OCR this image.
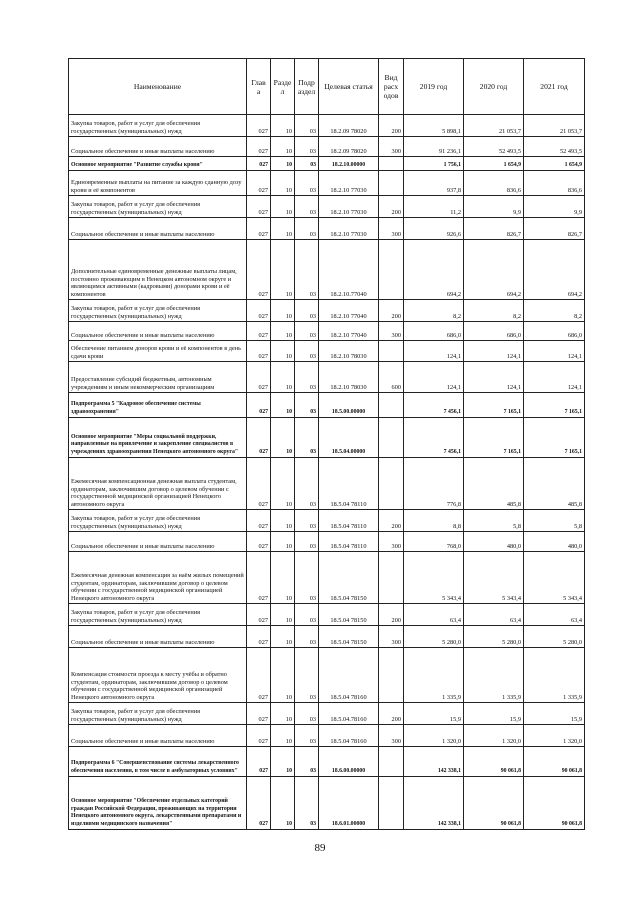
Наименование	Глав а	Разде л	Подр аздел	Целевая статья	Вид расх одов	2019 год	2020 год	2021 год
Закупка товаров, работ и услуг для обеспечения государственных (муниципальных) нужд	027	10	03	18.2.09 78020	200	5 898,1	21 053,7	21 053,7
Социальное обеспечение и иные выплаты населению	027	10	03	18.2.09 78020	300	91 236,1	52 493,5	52 493,5
Основное мероприятие "Развитие службы крови"	027	10	03	18.2.10.00000		1 756,1	1 654,9	1 654,9
Единовременные выплаты на питание за каждую сданную дозу крови и её компонентов	027	10	03	18.2.10 77030		937,8	836,6	836,6
Закупка товаров, работ и услуг для обеспечения государственных (муниципальных) нужд	027	10	03	18.2.10 77030	200	11,2	9,9	9,9
Социальное обеспечение и иные выплаты населению	027	10	03	18.2.10 77030	300	926,6	826,7	826,7
Дополнительные единовременные денежные выплаты лицам, постоянно проживающим в Ненецком автономном округе и являющимся активными (кадровыми) донорами крови и её компонентов	027	10	03	18.2.10.77040		694,2	694,2	694,2
Закупка товаров, работ и услуг для обеспечения государственных (муниципальных) нужд	027	10	03	18.2.10 77040	200	8,2	8,2	8,2
Социальное обеспечение и иные выплаты населению	027	10	03	18.2.10 77040	300	686,0	686,0	686,0
Обеспечение питанием доноров крови и её компонентов в день сдачи крови	027	10	03	18.2.10 78030		124,1	124,1	124,1
Предоставление субсидий бюджетным, автономным учреждениям и иным некоммерческим организациям	027	10	03	18.2.10 78030	600	124,1	124,1	124,1
Подпрограмма 5 "Кадровое обеспечение системы здравоохранения"	027	10	03	18.5.00.00000		7 456,1	7 165,1	7 165,1
Основное мероприятие "Меры социальной поддержки, направленные на привлечение и закрепление специалистов в учреждениях здравоохранения Ненецкого автономного округа"	027	10	03	18.5.04.00000		7 456,1	7 165,1	7 165,1
Ежемесячная компенсационная денежная выплата студентам, ординаторам, заключившим договор о целевом обучении с государственной медицинской организацией Ненецкого автономного округа	027	10	03	18.5.04 78110		776,8	485,8	485,8
Закупка товаров, работ и услуг для обеспечения государственных (муниципальных) нужд	027	10	03	18.5.04 78110	200	8,8	5,8	5,8
Социальное обеспечение и иные выплаты населению	027	10	03	18.5.04 78110	300	768,0	480,0	480,0
Ежемесячная денежная компенсация за наём жилых помещений студентам, ординаторам, заключившим договор о целевом обучении с государственной медицинской организацией Ненецкого автономного округа	027	10	03	18.5.04 78150		5 343,4	5 343,4	5 343,4
Закупка товаров, работ и услуг для обеспечения государственных (муниципальных) нужд	027	10	03	18.5.04 78150	200	63,4	63,4	63,4
Социальное обеспечение и иные выплаты населению	027	10	03	18.5.04 78150	300	5 280,0	5 280,0	5 280,0
Компенсация стоимости проезда к месту учёбы и обратно студентам, ординаторам, заключившим договор о целевом обучении с государственной медицинской организацией Ненецкого автономного округа	027	10	03	18.5.04 78160		1 335,9	1 335,9	1 335,9
Закупка товаров, работ и услуг для обеспечения государственных (муниципальных) нужд	027	10	03	18.5.04.78160	200	15,9	15,9	15,9
Социальное обеспечение и иные выплаты населению	027	10	03	18.5.04 78160	300	1 320,0	1 320,0	1 320,0
Подпрограмма 6 "Совершенствование системы лекарственного обеспечения населения, в том числе в амбулаторных условиях"	027	10	03	18.6.00.00000		142 338,1	90 061,8	90 061,8
Основное мероприятие "Обеспечение отдельных категорий граждан Российской Федерации, проживающих на территории Ненецкого автономного округа, лекарственными препаратами и изделиями медицинского назначения"	027	10	03	18.6.01.00000		142 338,1	90 061,8	90 061,8
89
